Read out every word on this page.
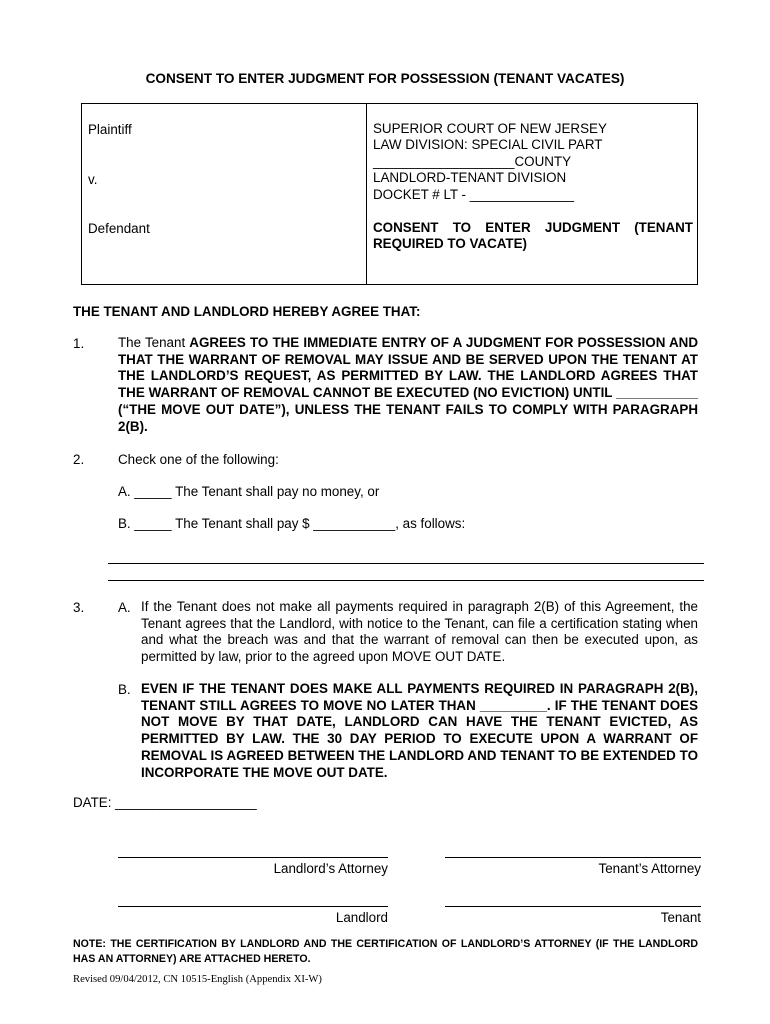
CONSENT TO ENTER JUDGMENT FOR POSSESSION (TENANT VACATES)
Plaintiff
v.
Defendant
SUPERIOR COURT OF NEW JERSEY
LAW DIVISION: SPECIAL CIVIL PART
___________________COUNTY
LANDLORD-TENANT DIVISION
DOCKET # LT - ______________
CONSENT TO ENTER JUDGMENT (TENANT REQUIRED TO VACATE)
THE TENANT AND LANDLORD HEREBY AGREE THAT:
1.	The Tenant AGREES TO THE IMMEDIATE ENTRY OF A JUDGMENT FOR POSSESSION AND THAT THE WARRANT OF REMOVAL MAY ISSUE AND BE SERVED UPON THE TENANT AT THE LANDLORD’S REQUEST, AS PERMITTED BY LAW. THE LANDLORD AGREES THAT THE WARRANT OF REMOVAL CANNOT BE EXECUTED (NO EVICTION) UNTIL ___________ (“THE MOVE OUT DATE”), UNLESS THE TENANT FAILS TO COMPLY WITH PARAGRAPH 2(B).
2.	Check one of the following:
A. _____ The Tenant shall pay no money, or
B. _____ The Tenant shall pay $ ___________, as follows:
3.	A. If the Tenant does not make all payments required in paragraph 2(B) of this Agreement, the Tenant agrees that the Landlord, with notice to the Tenant, can file a certification stating when and what the breach was and that the warrant of removal can then be executed upon, as permitted by law, prior to the agreed upon MOVE OUT DATE.
B. EVEN IF THE TENANT DOES MAKE ALL PAYMENTS REQUIRED IN PARAGRAPH 2(B), TENANT STILL AGREES TO MOVE NO LATER THAN _________. IF THE TENANT DOES NOT MOVE BY THAT DATE, LANDLORD CAN HAVE THE TENANT EVICTED, AS PERMITTED BY LAW. THE 30 DAY PERIOD TO EXECUTE UPON A WARRANT OF REMOVAL IS AGREED BETWEEN THE LANDLORD AND TENANT TO BE EXTENDED TO INCORPORATE THE MOVE OUT DATE.
DATE: ___________________
Landlord’s Attorney	Tenant’s Attorney
Landlord	Tenant
NOTE: THE CERTIFICATION BY LANDLORD AND THE CERTIFICATION OF LANDLORD’S ATTORNEY (IF THE LANDLORD HAS AN ATTORNEY) ARE ATTACHED HERETO.
Revised 09/04/2012, CN 10515-English (Appendix XI-W)
